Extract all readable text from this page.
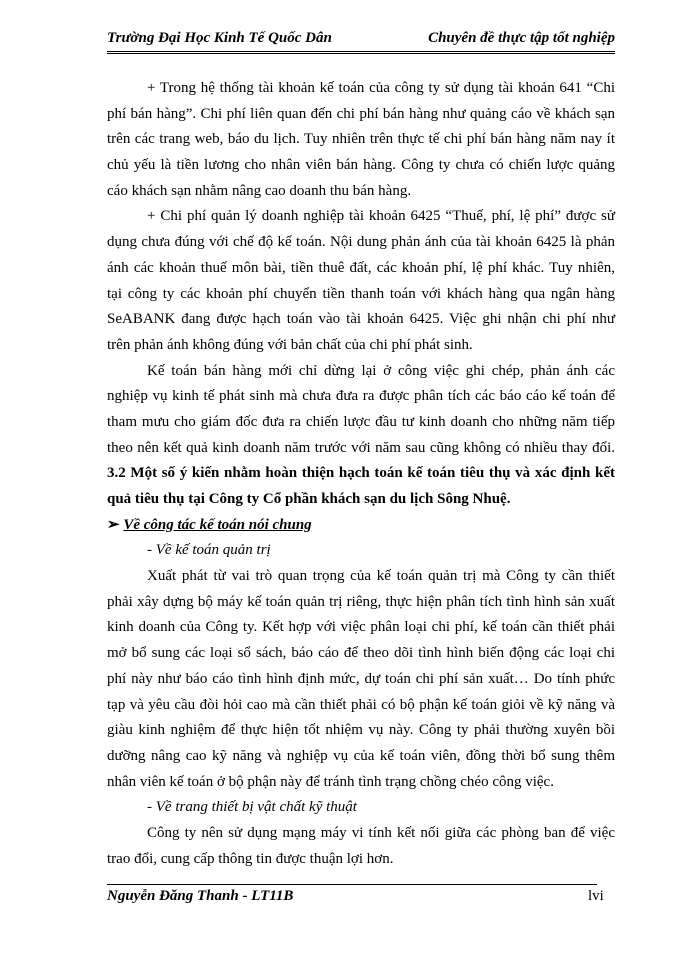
Trường Đại Học Kinh Tế Quốc Dân	Chuyên đề thực tập tốt nghiệp
+ Trong hệ thống tài khoản kế toán của công ty sử dụng tài khoản 641 “Chi
phí bán hàng”. Chi phí liên quan đến chi phí bán hàng như quảng cáo về khách sạn
trên các trang web, báo du lịch. Tuy nhiên trên thực tế chi phí bán hàng năm nay ít
chủ yếu là tiền lương cho nhân viên bán hàng. Công ty chưa có chiến lược quảng
cáo khách sạn nhằm nâng cao doanh thu bán hàng.
+ Chi phí quản lý doanh nghiệp tài khoản 6425 “Thuế, phí, lệ phí” được sử
dụng chưa đúng với chế độ kế toán. Nội dung phản ánh của tài khoản 6425 là phản
ánh các khoản thuế môn bài, tiền thuê đất, các khoản phí, lệ phí khác. Tuy nhiên,
tại công ty các khoản phí chuyển tiền thanh toán với khách hàng qua ngân hàng
SeABANK đang được hạch toán vào tài khoản 6425. Việc ghi nhận chi phí như
trên phản ánh không đúng với bản chất của chi phí phát sinh.
Kế toán bán hàng mới chỉ dừng lại ở công việc ghi chép, phản ánh các
nghiệp vụ kinh tế phát sinh mà chưa đưa ra được phân tích các báo cáo kế toán để
tham mưu cho giám đốc đưa ra chiến lược đầu tư kinh doanh cho những năm tiếp
theo nên kết quả kinh doanh năm trước với năm sau cũng không có nhiều thay đổi.
3.2 Một số ý kiến nhằm hoàn thiện hạch toán kế toán tiêu thụ và xác định kết
quả tiêu thụ tại Công ty Cổ phần khách sạn du lịch Sông Nhuệ.
➢ Về công tác kế toán nói chung
- Về kế toán quản trị
Xuất phát từ vai trò quan trọng của kế toán quản trị mà Công ty cần thiết
phải xây dựng bộ máy kế toán quản trị riêng, thực hiện phân tích tình hình sản xuất
kinh doanh của Công ty. Kết hợp với việc phân loại chi phí, kế toán cần thiết phải
mở bổ sung các loại sổ sách, báo cáo để theo dõi tình hình biến động các loại chi
phí này như báo cáo tình hình định mức, dự toán chi phí sản xuất… Do tính phức
tạp và yêu cầu đòi hỏi cao mà cần thiết phải có bộ phận kế toán giỏi về kỹ năng và
giàu kinh nghiệm để thực hiện tốt nhiệm vụ này. Công ty phải thường xuyên bồi
dưỡng nâng cao kỹ năng và nghiệp vụ của kế toán viên, đồng thời bổ sung thêm
nhân viên kế toán ở bộ phận này để tránh tình trạng chồng chéo công việc.
- Về trang thiết bị vật chất kỹ thuật
Công ty nên sử dụng mạng máy vi tính kết nối giữa các phòng ban để việc
trao đổi, cung cấp thông tin được thuận lợi hơn.
Nguyễn Đăng Thanh - LT11B	lvi
